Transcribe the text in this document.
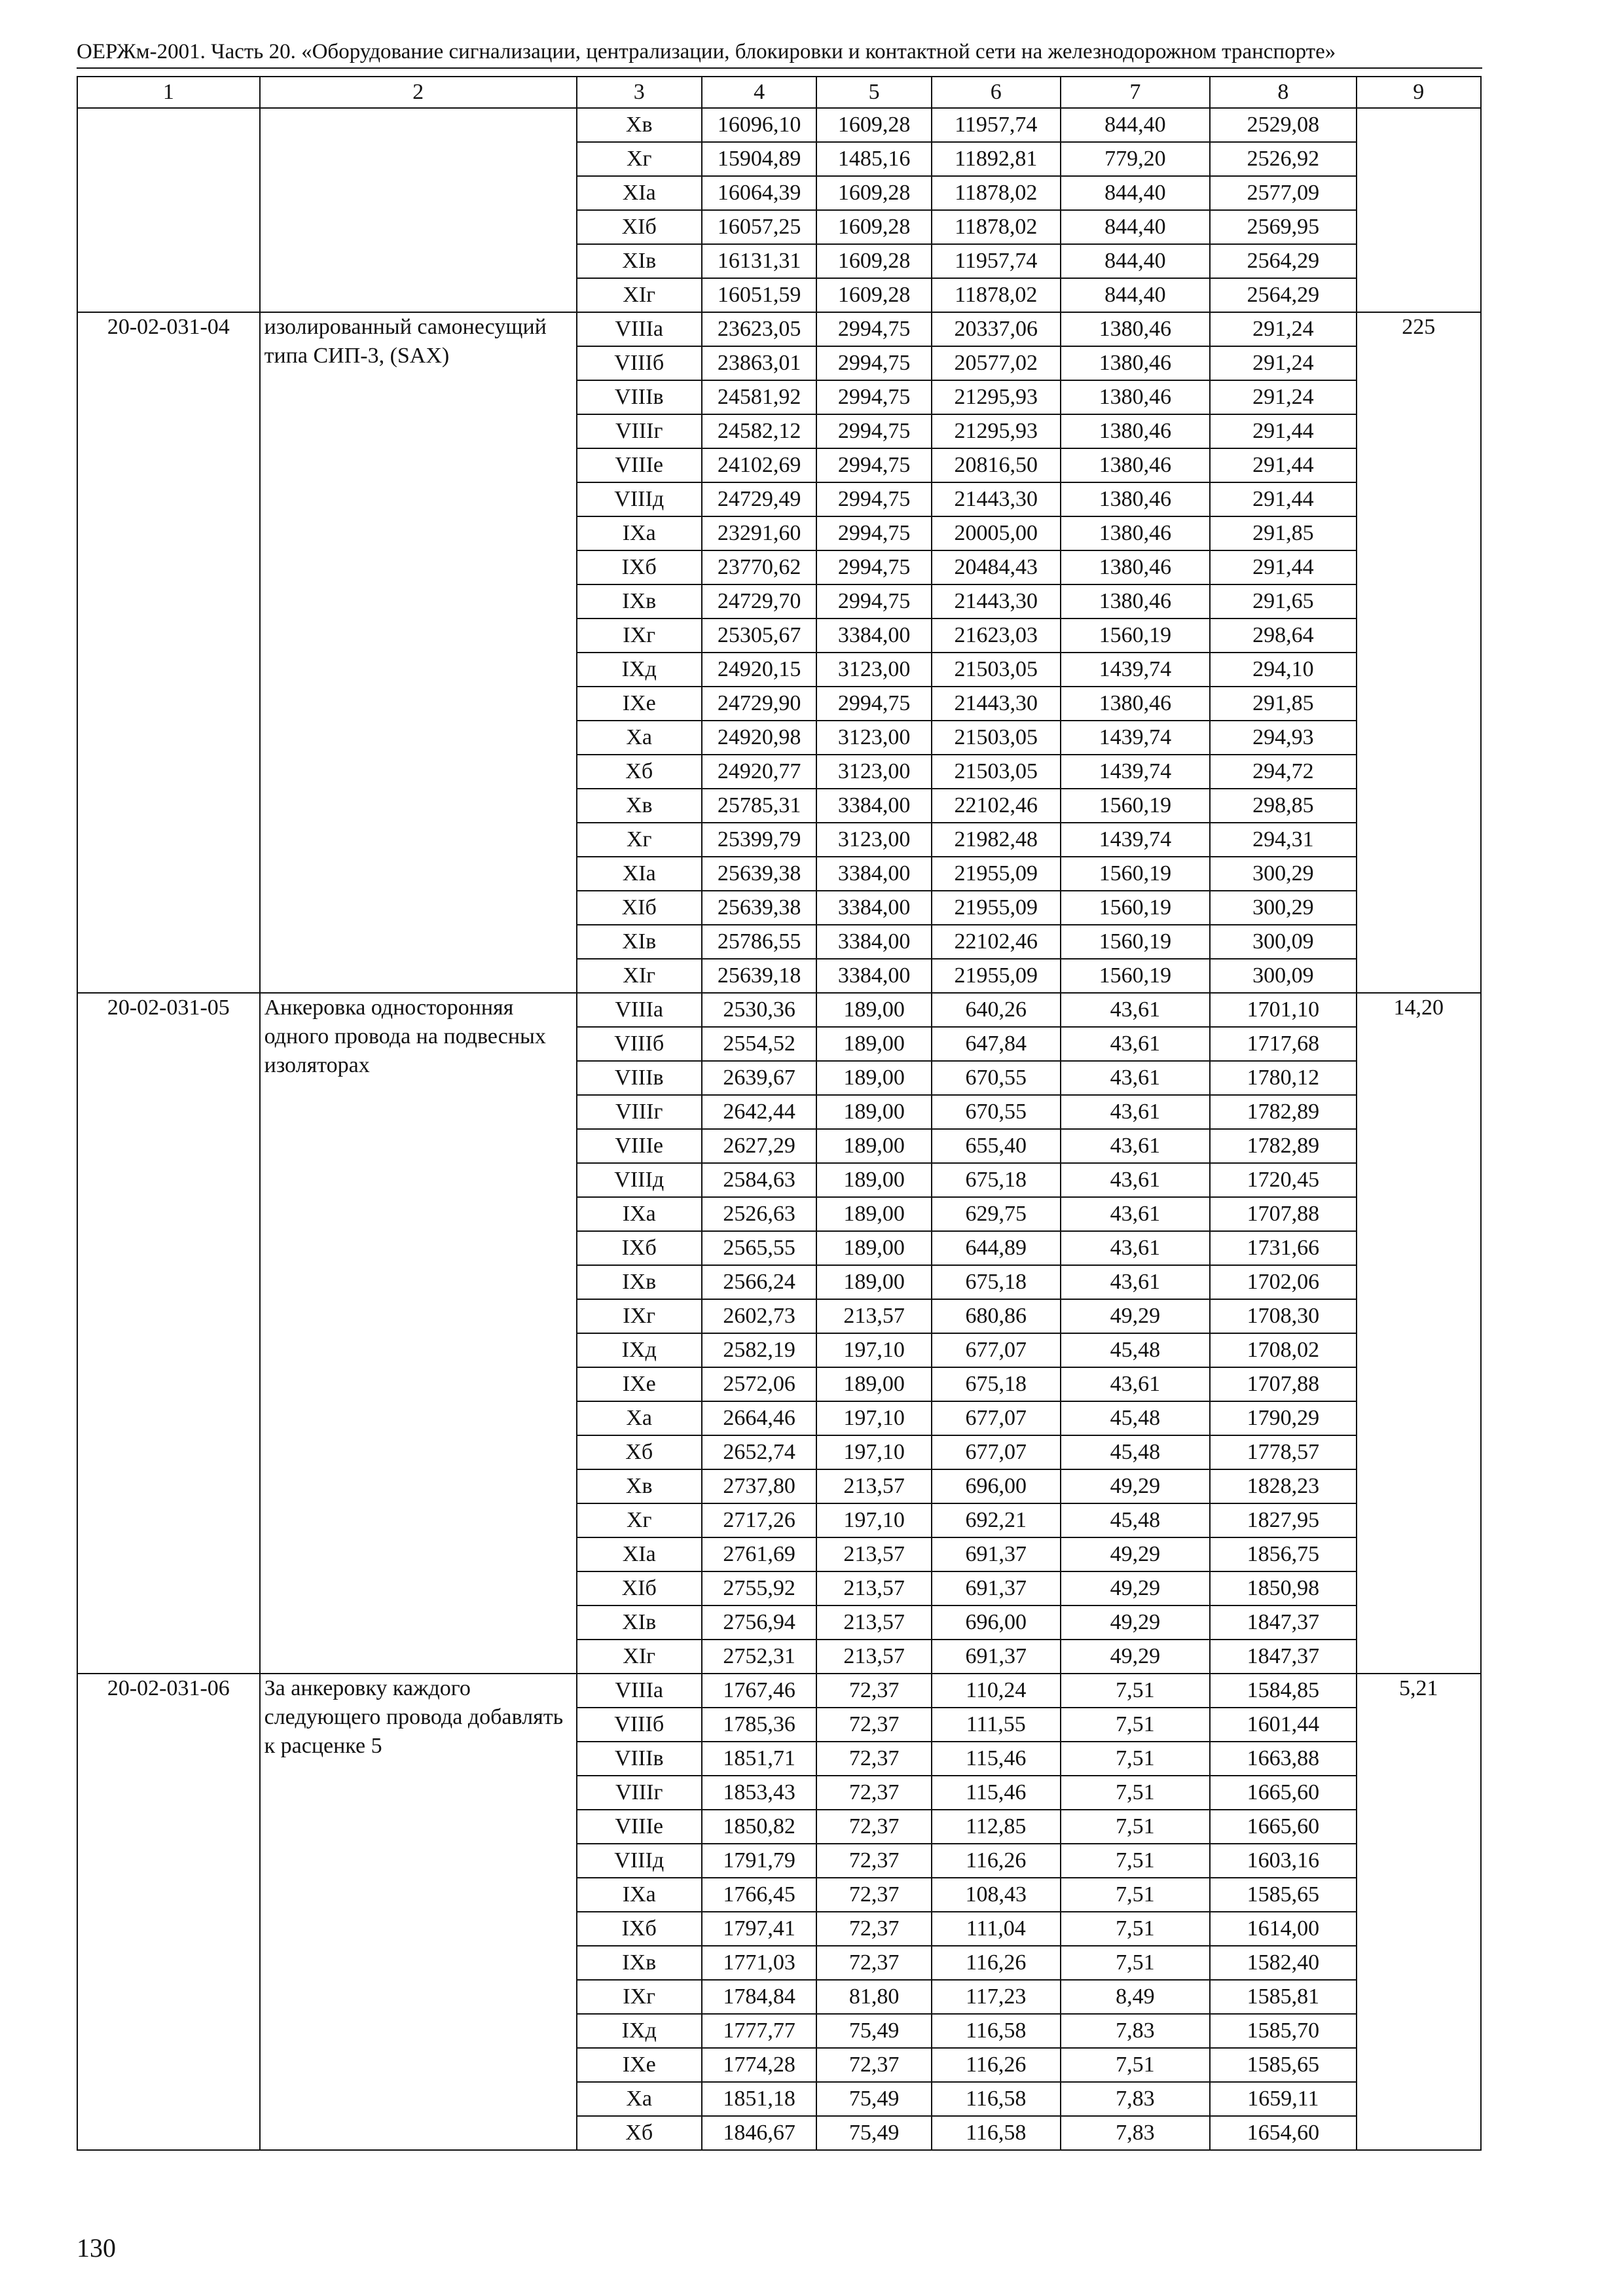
ОЕРЖм-2001. Часть 20. «Оборудование сигнализации, централизации, блокировки и контактной сети на железнодорожном транспорте»
1	2	3	4	5	6	7	8	9
		Хв	16096,10	1609,28	11957,74	844,40	2529,08	
		Хг	15904,89	1485,16	11892,81	779,20	2526,92	
		ХIа	16064,39	1609,28	11878,02	844,40	2577,09	
		ХIб	16057,25	1609,28	11878,02	844,40	2569,95	
		ХIв	16131,31	1609,28	11957,74	844,40	2564,29	
		ХIг	16051,59	1609,28	11878,02	844,40	2564,29	
20-02-031-04	изолированный самонесущий типа СИП-3, (SAX)	VIIIа	23623,05	2994,75	20337,06	1380,46	291,24	225
		VIIIб	23863,01	2994,75	20577,02	1380,46	291,24	
		VIIIв	24581,92	2994,75	21295,93	1380,46	291,24	
		VIIIг	24582,12	2994,75	21295,93	1380,46	291,44	
		VIIIе	24102,69	2994,75	20816,50	1380,46	291,44	
		VIIIд	24729,49	2994,75	21443,30	1380,46	291,44	
		IХа	23291,60	2994,75	20005,00	1380,46	291,85	
		IХб	23770,62	2994,75	20484,43	1380,46	291,44	
		IХв	24729,70	2994,75	21443,30	1380,46	291,65	
		IХг	25305,67	3384,00	21623,03	1560,19	298,64	
		IХд	24920,15	3123,00	21503,05	1439,74	294,10	
		IХе	24729,90	2994,75	21443,30	1380,46	291,85	
		Ха	24920,98	3123,00	21503,05	1439,74	294,93	
		Хб	24920,77	3123,00	21503,05	1439,74	294,72	
		Хв	25785,31	3384,00	22102,46	1560,19	298,85	
		Хг	25399,79	3123,00	21982,48	1439,74	294,31	
		ХIа	25639,38	3384,00	21955,09	1560,19	300,29	
		ХIб	25639,38	3384,00	21955,09	1560,19	300,29	
		ХIв	25786,55	3384,00	22102,46	1560,19	300,09	
		ХIг	25639,18	3384,00	21955,09	1560,19	300,09	
20-02-031-05	Анкеровка односторонняя одного провода на подвесных изоляторах	VIIIа	2530,36	189,00	640,26	43,61	1701,10	14,20
		VIIIб	2554,52	189,00	647,84	43,61	1717,68	
		VIIIв	2639,67	189,00	670,55	43,61	1780,12	
		VIIIг	2642,44	189,00	670,55	43,61	1782,89	
		VIIIе	2627,29	189,00	655,40	43,61	1782,89	
		VIIIд	2584,63	189,00	675,18	43,61	1720,45	
		IХа	2526,63	189,00	629,75	43,61	1707,88	
		IХб	2565,55	189,00	644,89	43,61	1731,66	
		IХв	2566,24	189,00	675,18	43,61	1702,06	
		IХг	2602,73	213,57	680,86	49,29	1708,30	
		IХд	2582,19	197,10	677,07	45,48	1708,02	
		IХе	2572,06	189,00	675,18	43,61	1707,88	
		Ха	2664,46	197,10	677,07	45,48	1790,29	
		Хб	2652,74	197,10	677,07	45,48	1778,57	
		Хв	2737,80	213,57	696,00	49,29	1828,23	
		Хг	2717,26	197,10	692,21	45,48	1827,95	
		ХIа	2761,69	213,57	691,37	49,29	1856,75	
		ХIб	2755,92	213,57	691,37	49,29	1850,98	
		ХIв	2756,94	213,57	696,00	49,29	1847,37	
		ХIг	2752,31	213,57	691,37	49,29	1847,37	
20-02-031-06	За анкеровку каждого следующего провода добавлять к расценке 5	VIIIа	1767,46	72,37	110,24	7,51	1584,85	5,21
		VIIIб	1785,36	72,37	111,55	7,51	1601,44	
		VIIIв	1851,71	72,37	115,46	7,51	1663,88	
		VIIIг	1853,43	72,37	115,46	7,51	1665,60	
		VIIIе	1850,82	72,37	112,85	7,51	1665,60	
		VIIIд	1791,79	72,37	116,26	7,51	1603,16	
		IХа	1766,45	72,37	108,43	7,51	1585,65	
		IХб	1797,41	72,37	111,04	7,51	1614,00	
		IХв	1771,03	72,37	116,26	7,51	1582,40	
		IХг	1784,84	81,80	117,23	8,49	1585,81	
		IХд	1777,77	75,49	116,58	7,83	1585,70	
		IХе	1774,28	72,37	116,26	7,51	1585,65	
		Ха	1851,18	75,49	116,58	7,83	1659,11	
		Хб	1846,67	75,49	116,58	7,83	1654,60	
130
